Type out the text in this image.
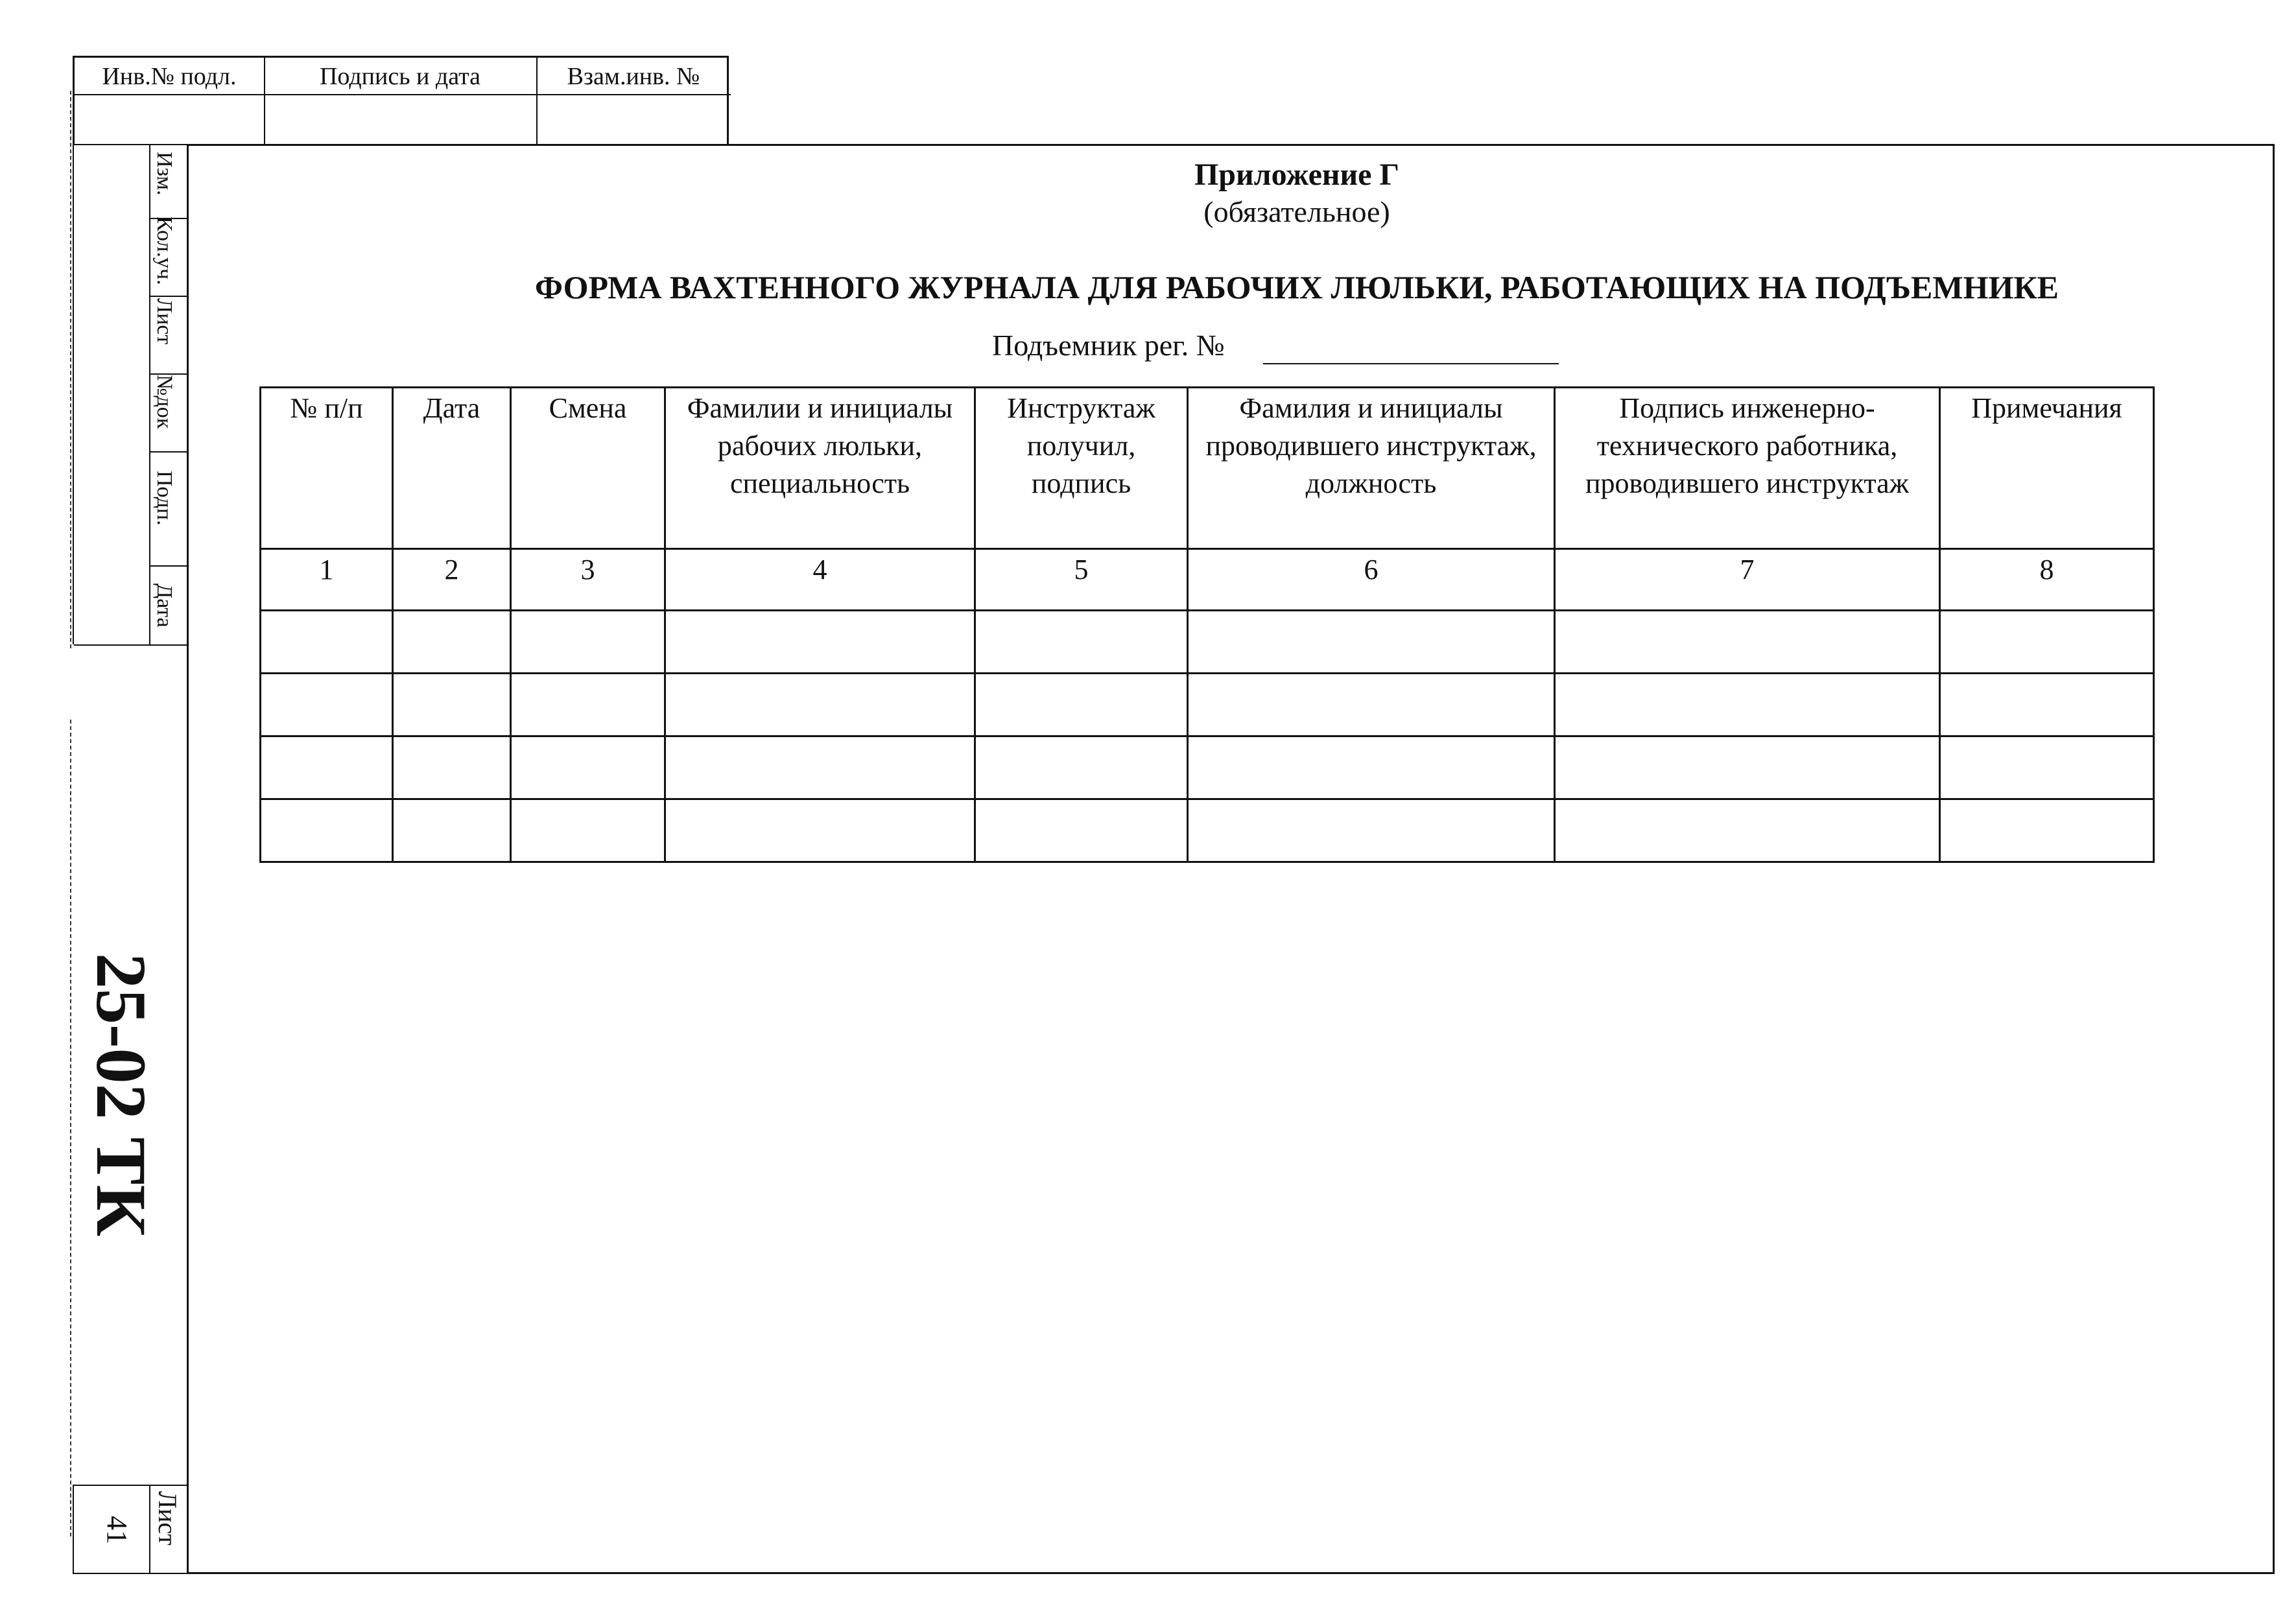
Инв.№ подл.	Подпись и дата	Взам.инв. №
Изм.
Кол.уч.
Лист
№док
Подп.
Дата
25-02 ТК
Лист
41
Приложение Г
(обязательное)
ФОРМА ВАХТЕННОГО ЖУРНАЛА ДЛЯ РАБОЧИХ ЛЮЛЬКИ, РАБОТАЮЩИХ НА ПОДЪЕМНИКЕ
Подъемник рег. №
№ п/п	Дата	Смена	Фамилии и инициалы рабочих люльки, специальность	Инструктаж получил, подпись	Фамилия и инициалы проводившего инструктаж, должность	Подпись инженерно-технического работника, проводившего инструктаж	Примечания
1	2	3	4	5	6	7	8
